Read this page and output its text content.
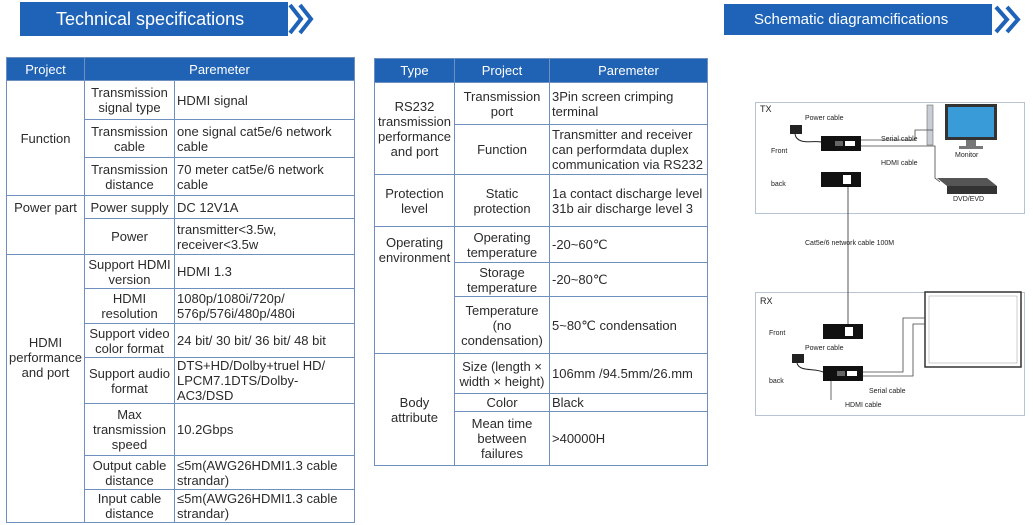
Technical specifications	Schematic diagramcifications
Project	Paremeter	
Function	Transmission signal type	HDMI signal
	Transmission cable	one signal cat5e/6 network cable
	Transmission distance	70 meter cat5e/6 network cable
Power part	Power supply	DC 12V1A
	Power	transmitter<3.5w, receiver<3.5w
HDMI performance and port	Support HDMI version	HDMI 1.3
	HDMI resolution	1080p/1080i/720p/ 576p/576i/480p/480i
	Support video color format	24 bit/ 30 bit/ 36 bit/ 48 bit
	Support audio format	DTS+HD/Dolby+truel HD/ LPCM7.1DTS/Dolby-AC3/DSD
	Max transmission speed	10.2Gbps
	Output cable distance	≤5m(AWG26HDMI1.3 cable strandar)
	Input cable distance	≤5m(AWG26HDMI1.3 cable strandar)
Type	Project	Paremeter
RS232 transmission performance and port	Transmission port	3Pin screen crimping terminal
	Function	Transmitter and receiver can performdata duplex communication via RS232
Protection level	Static protection	1a contact discharge level 31b air discharge level 3
Operating environment	Operating temperature	-20~60℃
	Storage temperature	-20~80℃
	Temperature (no condensation)	5~80℃ condensation
Body attribute	Size (length × width × height)	106mm /94.5mm/26.mm
	Color	Black
	Mean time between failures	>40000H
TX
Power cable
Serial cable
Front
HDMI cable
back
Monitor
DVD/EVD
RX
Front
Power cable
back
Serial cable
HDMI cable
Cat5e/6 network cable 100M
